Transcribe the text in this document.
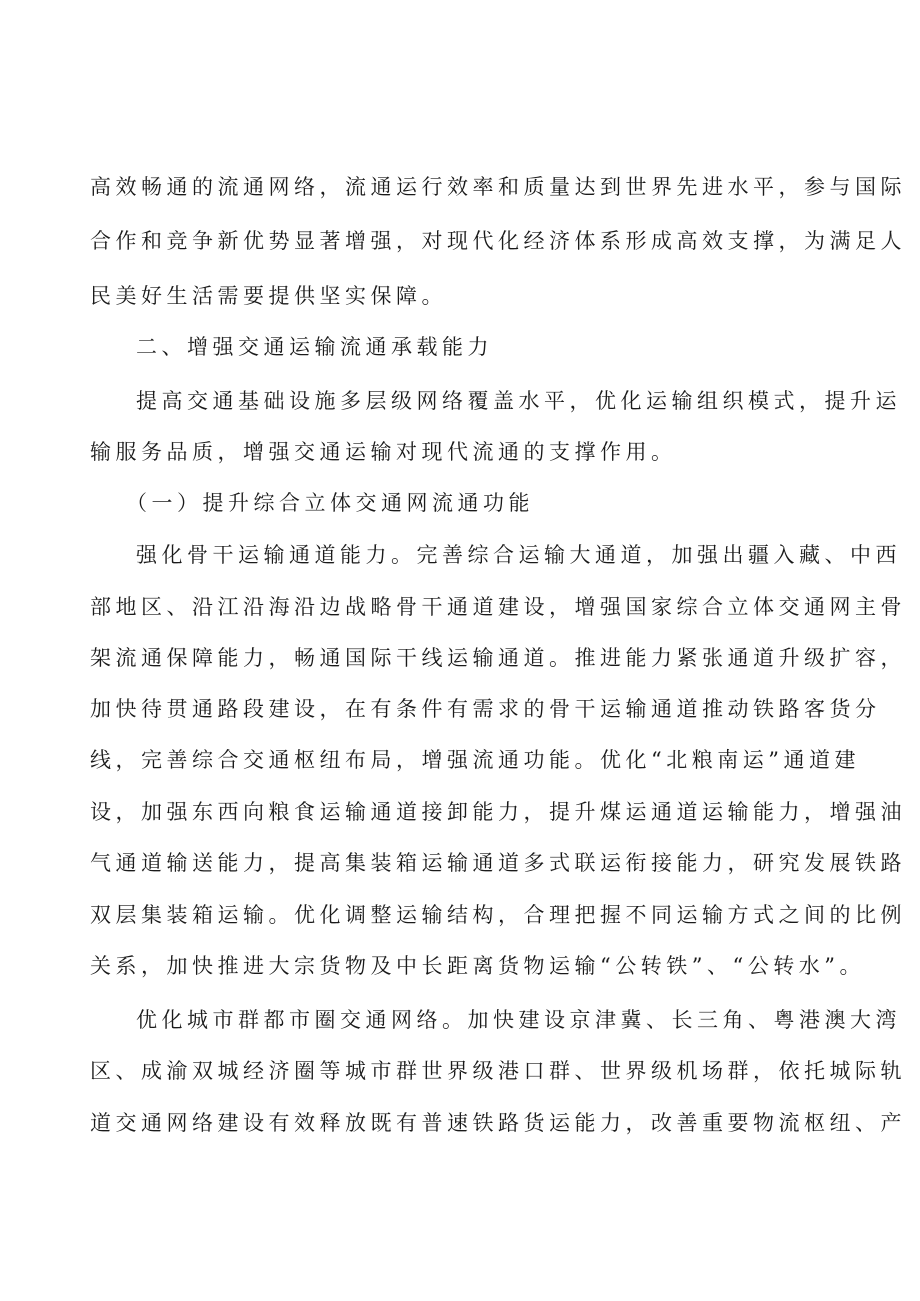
高效畅通的流通网络，流通运行效率和质量达到世界先进水平，参与国际

合作和竞争新优势显著增强，对现代化经济体系形成高效支撑，为满足人

民美好生活需要提供坚实保障。

二、增强交通运输流通承载能力

提高交通基础设施多层级网络覆盖水平，优化运输组织模式，提升运

输服务品质，增强交通运输对现代流通的支撑作用。

（一）提升综合立体交通网流通功能

强化骨干运输通道能力。完善综合运输大通道，加强出疆入藏、中西

部地区、沿江沿海沿边战略骨干通道建设，增强国家综合立体交通网主骨

架流通保障能力，畅通国际干线运输通道。推进能力紧张通道升级扩容，

加快待贯通路段建设，在有条件有需求的骨干运输通道推动铁路客货分

线，完善综合交通枢纽布局，增强流通功能。优化“北粮南运”通道建

设，加强东西向粮食运输通道接卸能力，提升煤运通道运输能力，增强油

气通道输送能力，提高集装箱运输通道多式联运衔接能力，研究发展铁路

双层集装箱运输。优化调整运输结构，合理把握不同运输方式之间的比例

关系，加快推进大宗货物及中长距离货物运输“公转铁”、“公转水”。

优化城市群都市圈交通网络。加快建设京津冀、长三角、粤港澳大湾

区、成渝双城经济圈等城市群世界级港口群、世界级机场群，依托城际轨

道交通网络建设有效释放既有普速铁路货运能力，改善重要物流枢纽、产
